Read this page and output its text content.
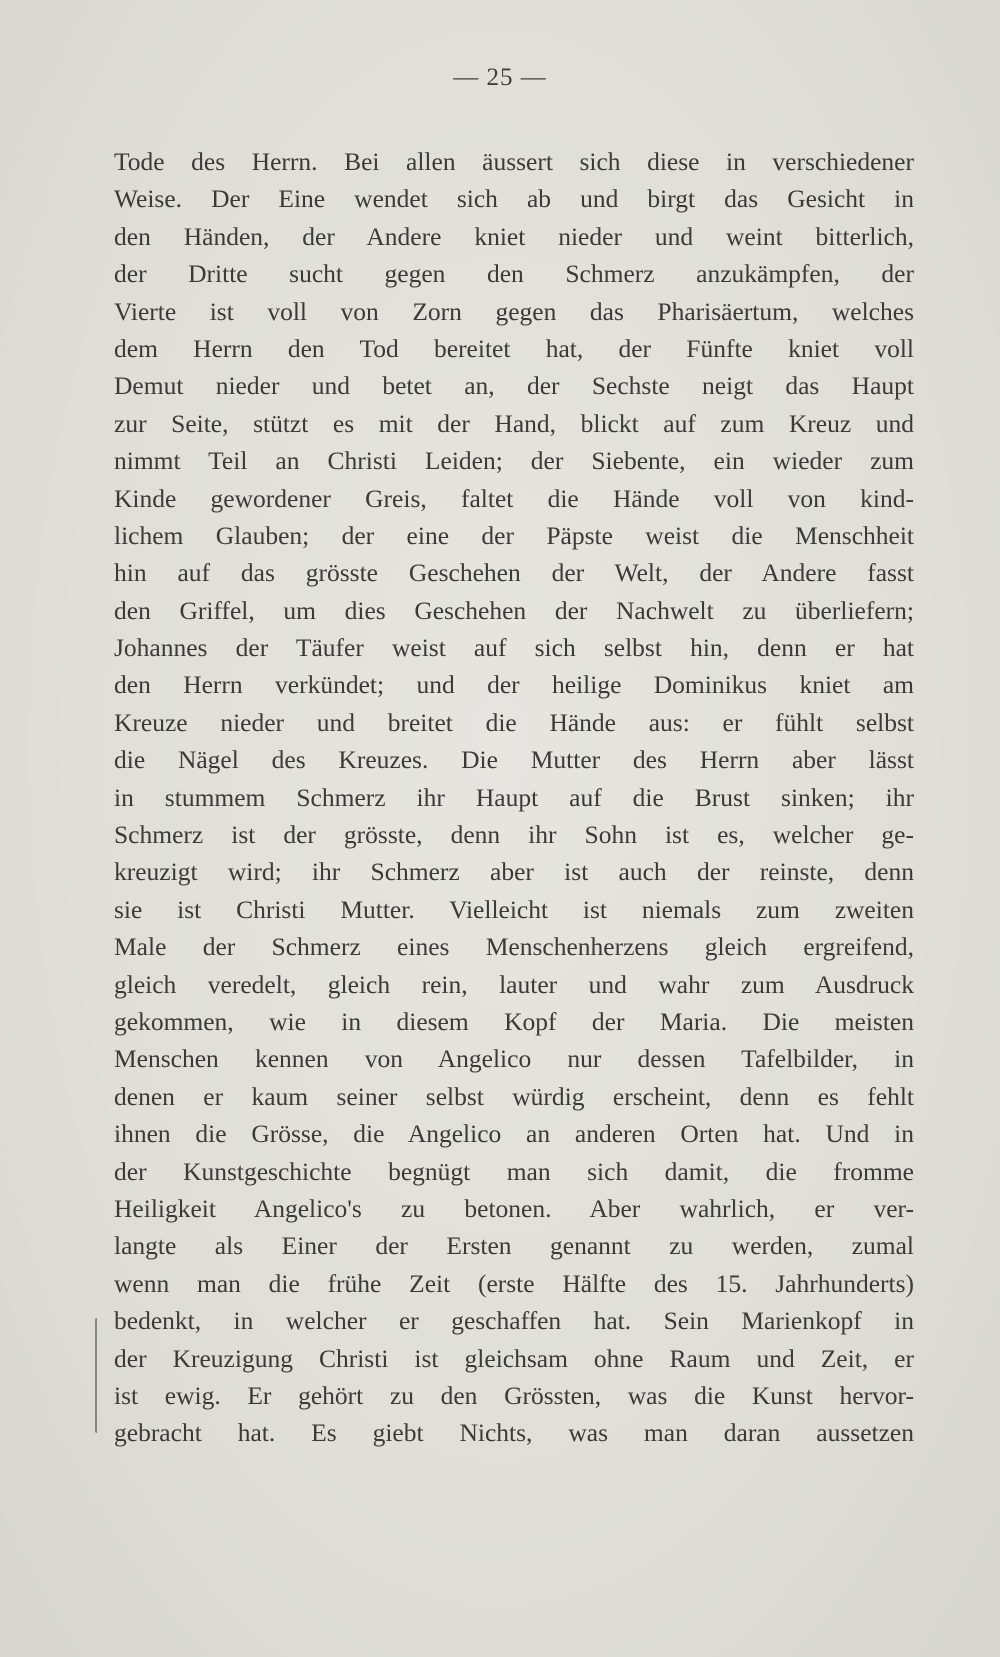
— 25 —
Tode des Herrn. Bei allen äussert sich diese in verschiedener
Weise. Der Eine wendet sich ab und birgt das Gesicht in
den Händen, der Andere kniet nieder und weint bitterlich,
der Dritte sucht gegen den Schmerz anzukämpfen, der
Vierte ist voll von Zorn gegen das Pharisäertum, welches
dem Herrn den Tod bereitet hat, der Fünfte kniet voll
Demut nieder und betet an, der Sechste neigt das Haupt
zur Seite, stützt es mit der Hand, blickt auf zum Kreuz und
nimmt Teil an Christi Leiden; der Siebente, ein wieder zum
Kinde gewordener Greis, faltet die Hände voll von kind-
lichem Glauben; der eine der Päpste weist die Menschheit
hin auf das grösste Geschehen der Welt, der Andere fasst
den Griffel, um dies Geschehen der Nachwelt zu überliefern;
Johannes der Täufer weist auf sich selbst hin, denn er hat
den Herrn verkündet; und der heilige Dominikus kniet am
Kreuze nieder und breitet die Hände aus: er fühlt selbst
die Nägel des Kreuzes. Die Mutter des Herrn aber lässt
in stummem Schmerz ihr Haupt auf die Brust sinken; ihr
Schmerz ist der grösste, denn ihr Sohn ist es, welcher ge-
kreuzigt wird; ihr Schmerz aber ist auch der reinste, denn
sie ist Christi Mutter. Vielleicht ist niemals zum zweiten
Male der Schmerz eines Menschenherzens gleich ergreifend,
gleich veredelt, gleich rein, lauter und wahr zum Ausdruck
gekommen, wie in diesem Kopf der Maria. Die meisten
Menschen kennen von Angelico nur dessen Tafelbilder, in
denen er kaum seiner selbst würdig erscheint, denn es fehlt
ihnen die Grösse, die Angelico an anderen Orten hat. Und in
der Kunstgeschichte begnügt man sich damit, die fromme
Heiligkeit Angelico's zu betonen. Aber wahrlich, er ver-
langte als Einer der Ersten genannt zu werden, zumal
wenn man die frühe Zeit (erste Hälfte des 15. Jahrhunderts)
bedenkt, in welcher er geschaffen hat. Sein Marienkopf in
der Kreuzigung Christi ist gleichsam ohne Raum und Zeit, er
ist ewig. Er gehört zu den Grössten, was die Kunst hervor-
gebracht hat. Es giebt Nichts, was man daran aussetzen
